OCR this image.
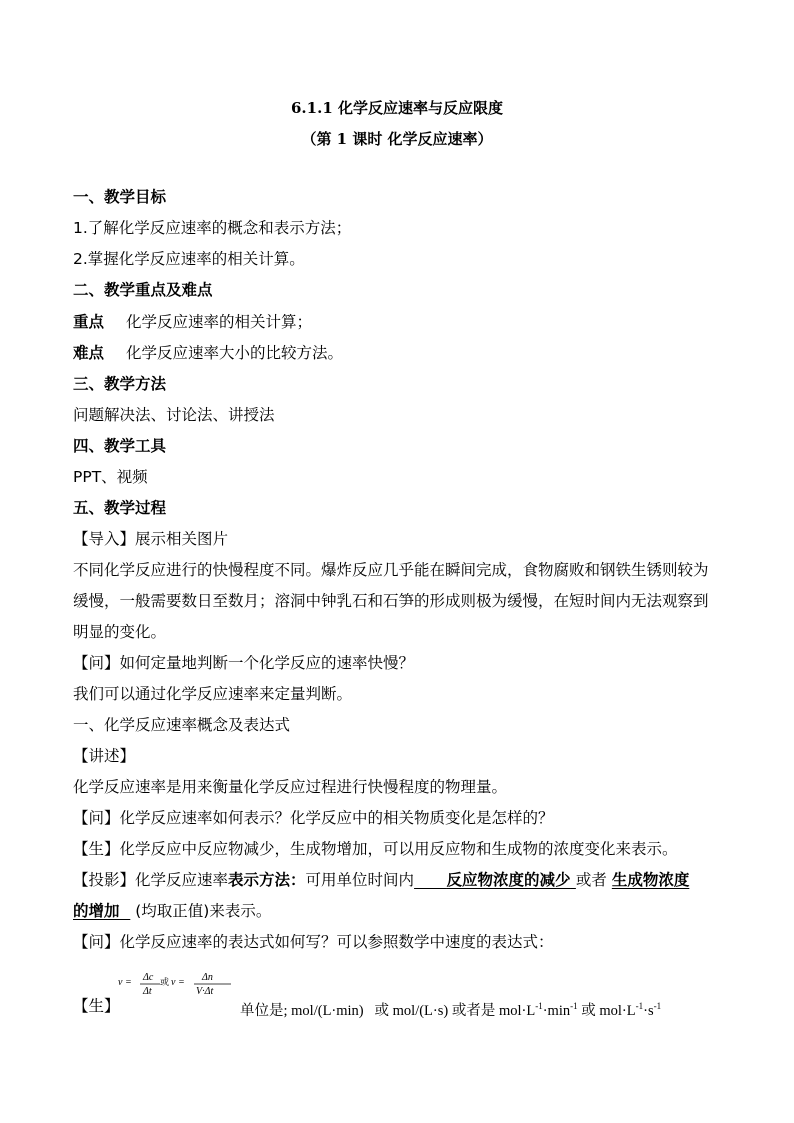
6.1.1 化学反应速率与反应限度
（第 1 课时 化学反应速率）
一、教学目标
1.了解化学反应速率的概念和表示方法；
2.掌握化学反应速率的相关计算。
二、教学重点及难点
重点 化学反应速率的相关计算；
难点 化学反应速率大小的比较方法。
三、教学方法
问题解决法、讨论法、讲授法
四、教学工具
PPT、视频
五、教学过程
【导入】展示相关图片
不同化学反应进行的快慢程度不同。爆炸反应几乎能在瞬间完成，食物腐败和钢铁生锈则较为
缓慢，一般需要数日至数月；溶洞中钟乳石和石笋的形成则极为缓慢，在短时间内无法观察到
明显的变化。
【问】如何定量地判断一个化学反应的速率快慢？
我们可以通过化学反应速率来定量判断。
一、化学反应速率概念及表达式
【讲述】
化学反应速率是用来衡量化学反应过程进行快慢程度的物理量。
【问】化学反应速率如何表示？化学反应中的相关物质变化是怎样的？
【生】化学反应中反应物减少，生成物增加，可以用反应物和生成物的浓度变化来表示。
【投影】化学反应速率表示方法：可用单位时间内 反应物浓度的减少 或者 生成物浓度
的增加   (均取正值)来表示。
【问】化学反应速率的表达式如何写？可以参照数学中速度的表达式：
【生】
v = Δc
Δt
或 v = Δn
V·Δt
单位是; mol/(L·min) 或 mol/(L·s) 或者是 $mol\cdot L^{-1}\cdot\min^{-1}$ 或 $mol\cdot L^{-1}\cdot s^{-1}$
